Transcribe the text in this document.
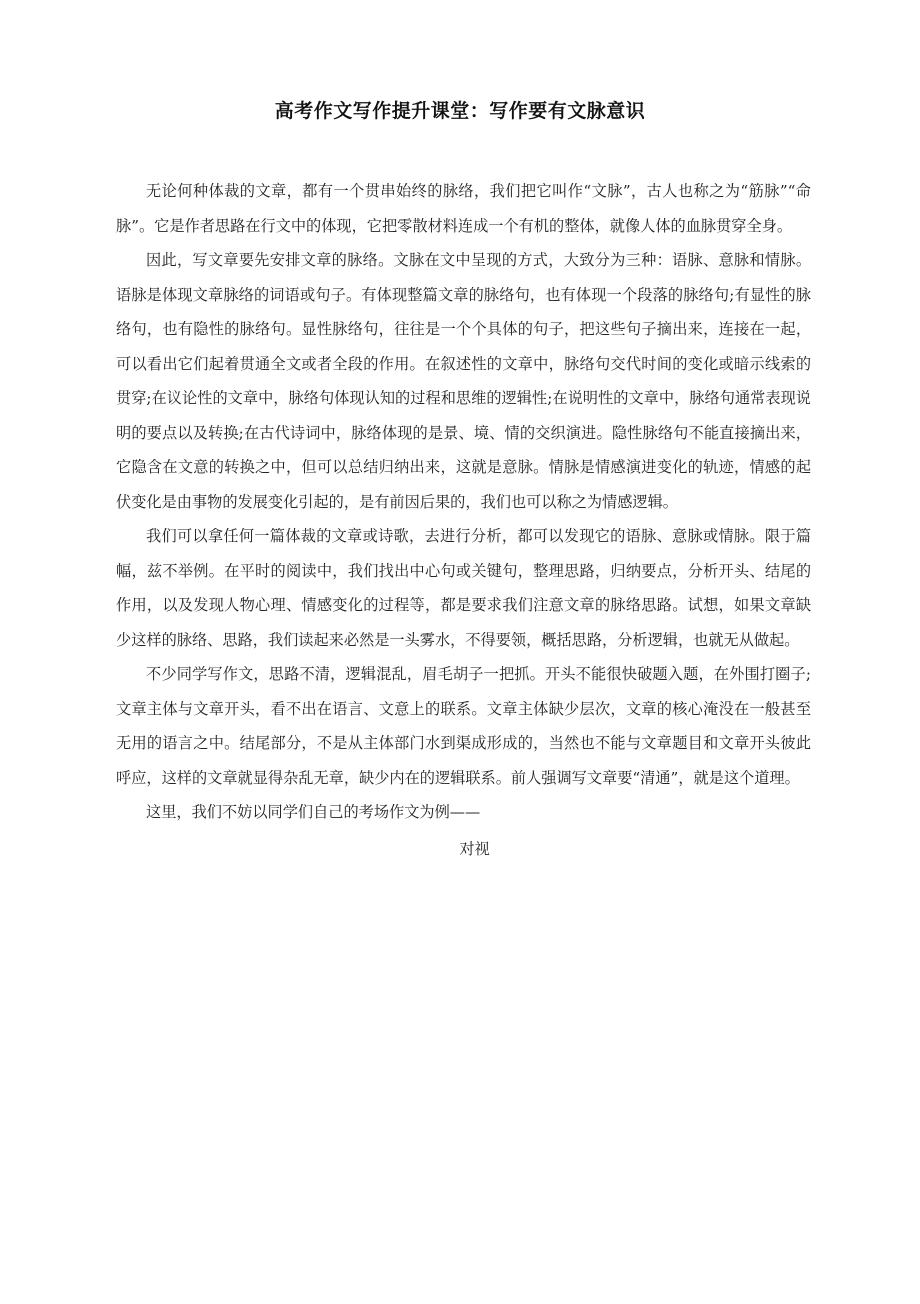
高考作文写作提升课堂：写作要有文脉意识

无论何种体裁的文章，都有一个贯串始终的脉络，我们把它叫作“文脉”，古人也称之为“筋脉”“命脉”。它是作者思路在行文中的体现，它把零散材料连成一个有机的整体，就像人体的血脉贯穿全身。

因此，写文章要先安排文章的脉络。文脉在文中呈现的方式，大致分为三种：语脉、意脉和情脉。语脉是体现文章脉络的词语或句子。有体现整篇文章的脉络句，也有体现一个段落的脉络句;有显性的脉络句，也有隐性的脉络句。显性脉络句，往往是一个个具体的句子，把这些句子摘出来，连接在一起，可以看出它们起着贯通全文或者全段的作用。在叙述性的文章中，脉络句交代时间的变化或暗示线索的贯穿;在议论性的文章中，脉络句体现认知的过程和思维的逻辑性;在说明性的文章中，脉络句通常表现说明的要点以及转换;在古代诗词中，脉络体现的是景、境、情的交织演进。隐性脉络句不能直接摘出来，它隐含在文意的转换之中，但可以总结归纳出来，这就是意脉。情脉是情感演进变化的轨迹，情感的起伏变化是由事物的发展变化引起的，是有前因后果的，我们也可以称之为情感逻辑。

我们可以拿任何一篇体裁的文章或诗歌，去进行分析，都可以发现它的语脉、意脉或情脉。限于篇幅，兹不举例。在平时的阅读中，我们找出中心句或关键句，整理思路，归纳要点，分析开头、结尾的作用，以及发现人物心理、情感变化的过程等，都是要求我们注意文章的脉络思路。试想，如果文章缺少这样的脉络、思路，我们读起来必然是一头雾水，不得要领，概括思路，分析逻辑，也就无从做起。

不少同学写作文，思路不清，逻辑混乱，眉毛胡子一把抓。开头不能很快破题入题，在外围打圈子;文章主体与文章开头，看不出在语言、文意上的联系。文章主体缺少层次，文章的核心淹没在一般甚至无用的语言之中。结尾部分，不是从主体部门水到渠成形成的，当然也不能与文章题目和文章开头彼此呼应，这样的文章就显得杂乱无章，缺少内在的逻辑联系。前人强调写文章要“清通”，就是这个道理。

这里，我们不妨以同学们自己的考场作文为例——

对视
